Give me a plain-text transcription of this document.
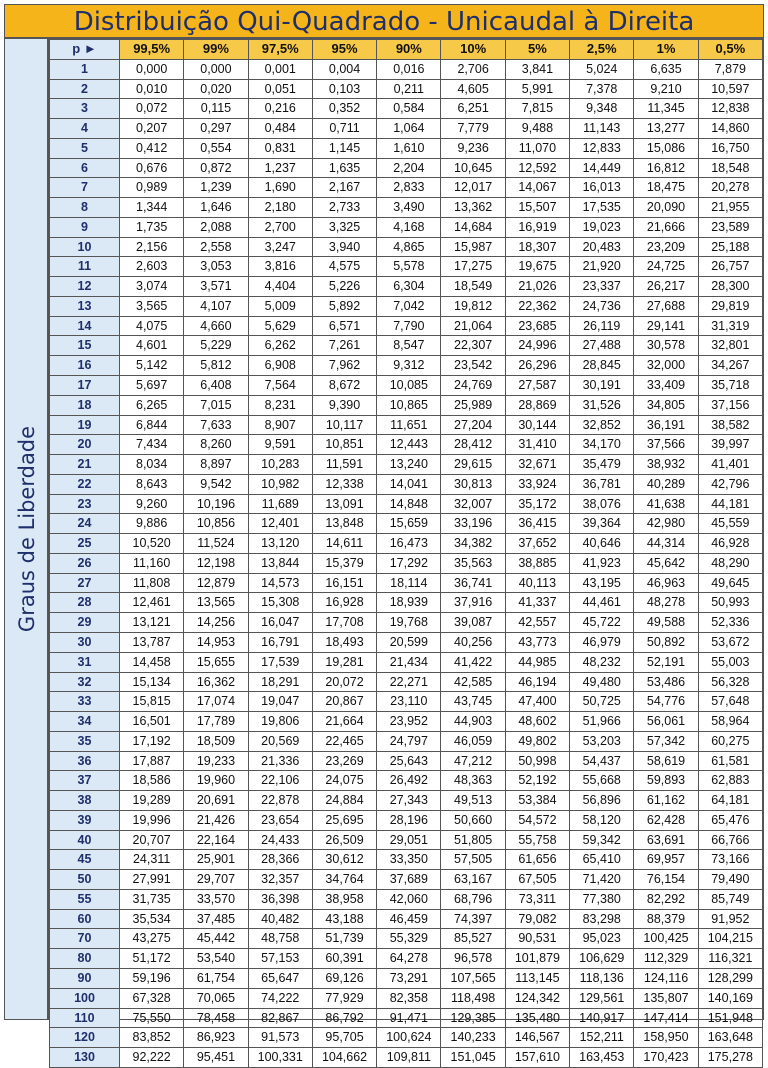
Distribuição Qui-Quadrado - Unicaudal à Direita
Graus de Liberdade
p ►	99,5%	99%	97,5%	95%	90%	10%	5%	2,5%	1%	0,5%
1	0,000	0,000	0,001	0,004	0,016	2,706	3,841	5,024	6,635	7,879
2	0,010	0,020	0,051	0,103	0,211	4,605	5,991	7,378	9,210	10,597
3	0,072	0,115	0,216	0,352	0,584	6,251	7,815	9,348	11,345	12,838
4	0,207	0,297	0,484	0,711	1,064	7,779	9,488	11,143	13,277	14,860
5	0,412	0,554	0,831	1,145	1,610	9,236	11,070	12,833	15,086	16,750
6	0,676	0,872	1,237	1,635	2,204	10,645	12,592	14,449	16,812	18,548
7	0,989	1,239	1,690	2,167	2,833	12,017	14,067	16,013	18,475	20,278
8	1,344	1,646	2,180	2,733	3,490	13,362	15,507	17,535	20,090	21,955
9	1,735	2,088	2,700	3,325	4,168	14,684	16,919	19,023	21,666	23,589
10	2,156	2,558	3,247	3,940	4,865	15,987	18,307	20,483	23,209	25,188
11	2,603	3,053	3,816	4,575	5,578	17,275	19,675	21,920	24,725	26,757
12	3,074	3,571	4,404	5,226	6,304	18,549	21,026	23,337	26,217	28,300
13	3,565	4,107	5,009	5,892	7,042	19,812	22,362	24,736	27,688	29,819
14	4,075	4,660	5,629	6,571	7,790	21,064	23,685	26,119	29,141	31,319
15	4,601	5,229	6,262	7,261	8,547	22,307	24,996	27,488	30,578	32,801
16	5,142	5,812	6,908	7,962	9,312	23,542	26,296	28,845	32,000	34,267
17	5,697	6,408	7,564	8,672	10,085	24,769	27,587	30,191	33,409	35,718
18	6,265	7,015	8,231	9,390	10,865	25,989	28,869	31,526	34,805	37,156
19	6,844	7,633	8,907	10,117	11,651	27,204	30,144	32,852	36,191	38,582
20	7,434	8,260	9,591	10,851	12,443	28,412	31,410	34,170	37,566	39,997
21	8,034	8,897	10,283	11,591	13,240	29,615	32,671	35,479	38,932	41,401
22	8,643	9,542	10,982	12,338	14,041	30,813	33,924	36,781	40,289	42,796
23	9,260	10,196	11,689	13,091	14,848	32,007	35,172	38,076	41,638	44,181
24	9,886	10,856	12,401	13,848	15,659	33,196	36,415	39,364	42,980	45,559
25	10,520	11,524	13,120	14,611	16,473	34,382	37,652	40,646	44,314	46,928
26	11,160	12,198	13,844	15,379	17,292	35,563	38,885	41,923	45,642	48,290
27	11,808	12,879	14,573	16,151	18,114	36,741	40,113	43,195	46,963	49,645
28	12,461	13,565	15,308	16,928	18,939	37,916	41,337	44,461	48,278	50,993
29	13,121	14,256	16,047	17,708	19,768	39,087	42,557	45,722	49,588	52,336
30	13,787	14,953	16,791	18,493	20,599	40,256	43,773	46,979	50,892	53,672
31	14,458	15,655	17,539	19,281	21,434	41,422	44,985	48,232	52,191	55,003
32	15,134	16,362	18,291	20,072	22,271	42,585	46,194	49,480	53,486	56,328
33	15,815	17,074	19,047	20,867	23,110	43,745	47,400	50,725	54,776	57,648
34	16,501	17,789	19,806	21,664	23,952	44,903	48,602	51,966	56,061	58,964
35	17,192	18,509	20,569	22,465	24,797	46,059	49,802	53,203	57,342	60,275
36	17,887	19,233	21,336	23,269	25,643	47,212	50,998	54,437	58,619	61,581
37	18,586	19,960	22,106	24,075	26,492	48,363	52,192	55,668	59,893	62,883
38	19,289	20,691	22,878	24,884	27,343	49,513	53,384	56,896	61,162	64,181
39	19,996	21,426	23,654	25,695	28,196	50,660	54,572	58,120	62,428	65,476
40	20,707	22,164	24,433	26,509	29,051	51,805	55,758	59,342	63,691	66,766
45	24,311	25,901	28,366	30,612	33,350	57,505	61,656	65,410	69,957	73,166
50	27,991	29,707	32,357	34,764	37,689	63,167	67,505	71,420	76,154	79,490
55	31,735	33,570	36,398	38,958	42,060	68,796	73,311	77,380	82,292	85,749
60	35,534	37,485	40,482	43,188	46,459	74,397	79,082	83,298	88,379	91,952
70	43,275	45,442	48,758	51,739	55,329	85,527	90,531	95,023	100,425	104,215
80	51,172	53,540	57,153	60,391	64,278	96,578	101,879	106,629	112,329	116,321
90	59,196	61,754	65,647	69,126	73,291	107,565	113,145	118,136	124,116	128,299
100	67,328	70,065	74,222	77,929	82,358	118,498	124,342	129,561	135,807	140,169
110	75,550	78,458	82,867	86,792	91,471	129,385	135,480	140,917	147,414	151,948
120	83,852	86,923	91,573	95,705	100,624	140,233	146,567	152,211	158,950	163,648
130	92,222	95,451	100,331	104,662	109,811	151,045	157,610	163,453	170,423	175,278
